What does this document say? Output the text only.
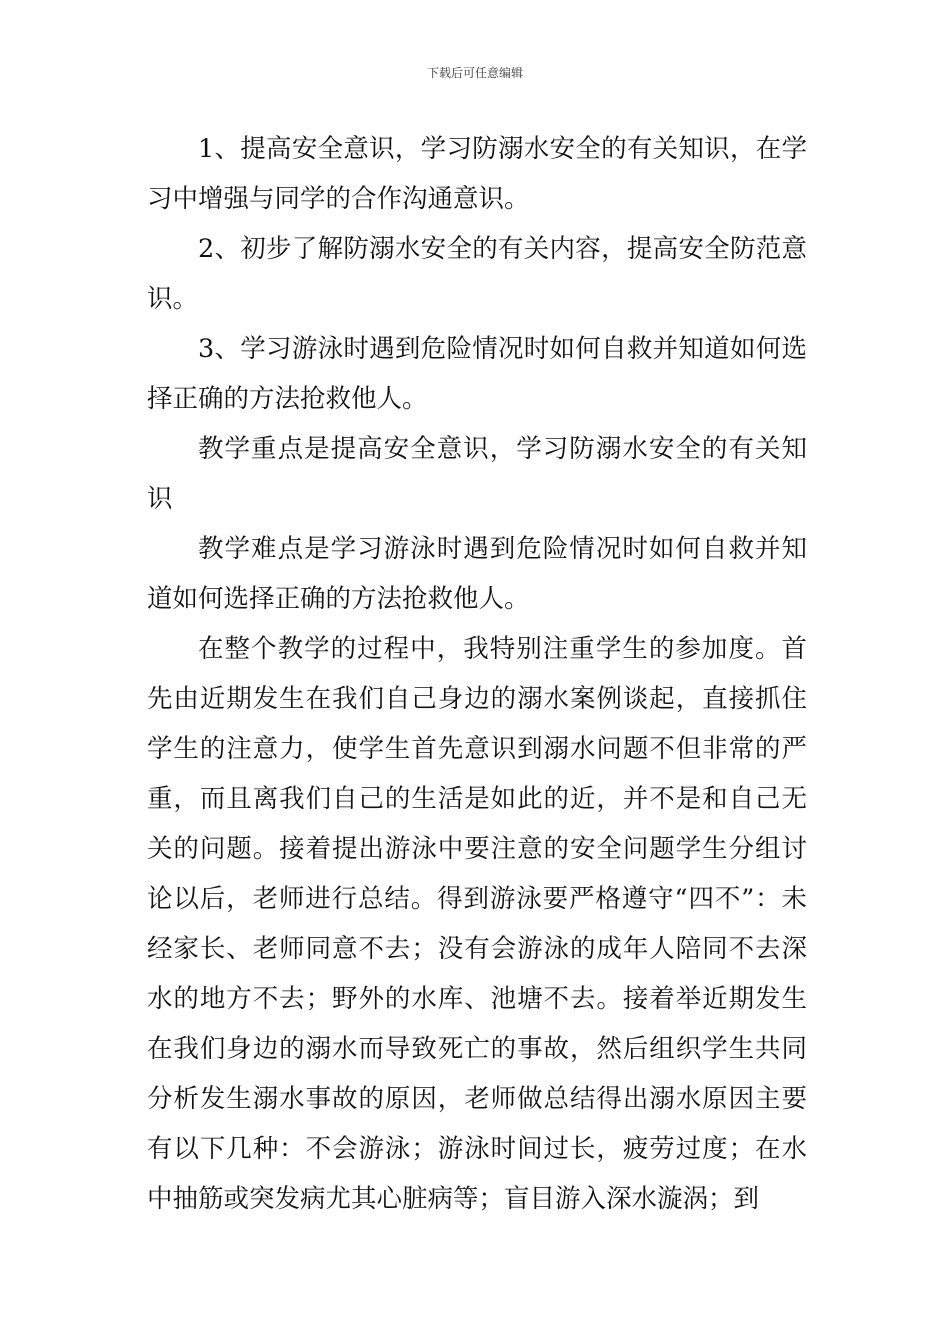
下载后可任意编辑

1、提高安全意识，学习防溺水安全的有关知识，在学习中增强与同学的合作沟通意识。

2、初步了解防溺水安全的有关内容，提高安全防范意识。

3、学习游泳时遇到危险情况时如何自救并知道如何选择正确的方法抢救他人。

教学重点是提高安全意识，学习防溺水安全的有关知识

教学难点是学习游泳时遇到危险情况时如何自救并知道如何选择正确的方法抢救他人。

在整个教学的过程中，我特别注重学生的参加度。首先由近期发生在我们自己身边的溺水案例谈起，直接抓住学生的注意力，使学生首先意识到溺水问题不但非常的严重，而且离我们自己的生活是如此的近，并不是和自己无关的问题。接着提出游泳中要注意的安全问题学生分组讨论以后，老师进行总结。得到游泳要严格遵守“四不”：未经家长、老师同意不去；没有会游泳的成年人陪同不去深水的地方不去；野外的水库、池塘不去。接着举近期发生在我们身边的溺水而导致死亡的事故，然后组织学生共同分析发生溺水事故的原因，老师做总结得出溺水原因主要有以下几种：不会游泳；游泳时间过长，疲劳过度；在水中抽筋或突发病尤其心脏病等；盲目游入深水漩涡；到
